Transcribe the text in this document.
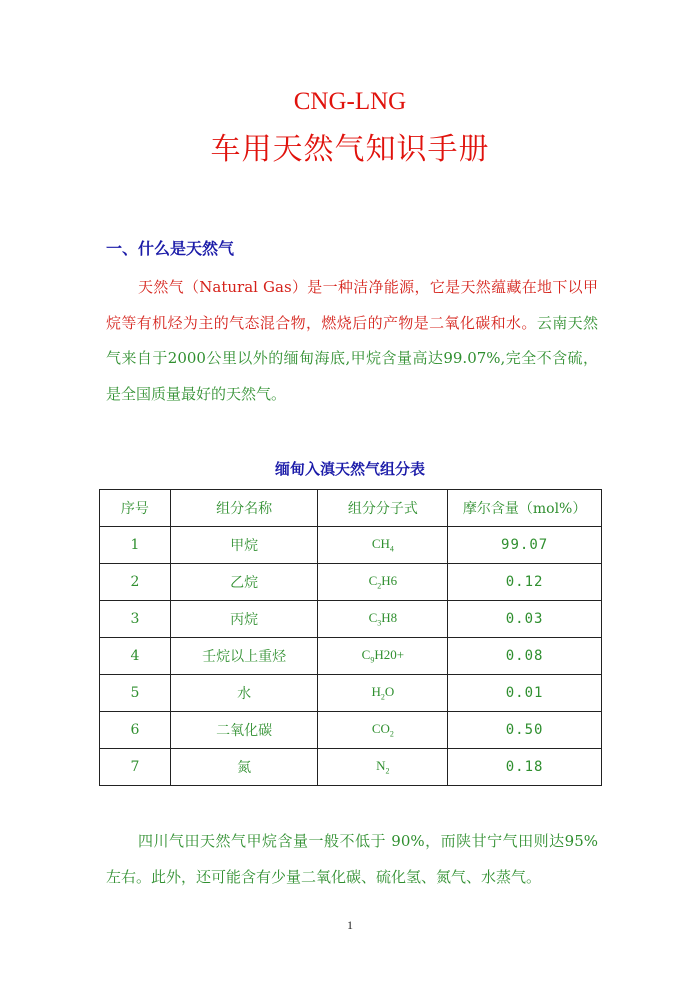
CNG-LNG
车用天然气知识手册
一、什么是天然气
天然气（Natural Gas）是一种洁净能源，它是天然蕴藏在地下以甲烷等有机烃为主的气态混合物，燃烧后的产物是二氧化碳和水。云南天然气来自于2000公里以外的缅甸海底,甲烷含量高达99.07%,完全不含硫，是全国质量最好的天然气。
缅甸入滇天然气组分表
序号	组分名称	组分分子式	摩尔含量（mol%）
1	甲烷	$CH_4$	99.07
2	乙烷	$C_2H6$	0.12
3	丙烷	$C_3H8$	0.03
4	壬烷以上重烃	$C_9H20+$	0.08
5	水	$H_2O$	0.01
6	二氧化碳	$CO_2$	0.50
7	氮	$N_2$	0.18
四川气田天然气甲烷含量一般不低于 90%，而陕甘宁气田则达95%左右。此外，还可能含有少量二氧化碳、硫化氢、氮气、水蒸气。
1
